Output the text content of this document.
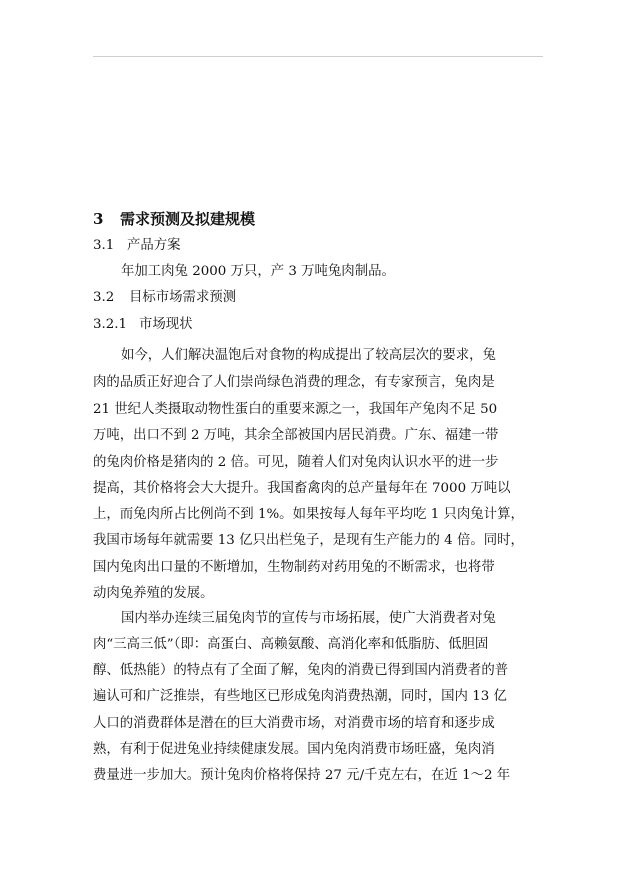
3 需求预测及拟建规模
3.1 产品方案
年加工肉兔 2000 万只，产 3 万吨兔肉制品。
3.2 目标市场需求预测
3.2.1 市场现状
如今，人们解决温饱后对食物的构成提出了较高层次的要求，兔
肉的品质正好迎合了人们崇尚绿色消费的理念，有专家预言，兔肉是
21 世纪人类摄取动物性蛋白的重要来源之一，我国年产兔肉不足 50
万吨，出口不到 2 万吨，其余全部被国内居民消费。广东、福建一带
的兔肉价格是猪肉的 2 倍。可见，随着人们对兔肉认识水平的进一步
提高，其价格将会大大提升。我国畜禽肉的总产量每年在 7000 万吨以
上，而兔肉所占比例尚不到 1%。如果按每人每年平均吃 1 只肉兔计算，
我国市场每年就需要 13 亿只出栏兔子，是现有生产能力的 4 倍。同时，
国内兔肉出口量的不断增加，生物制药对药用兔的不断需求，也将带
动肉兔养殖的发展。
国内举办连续三届兔肉节的宣传与市场拓展，使广大消费者对兔
肉“三高三低”（即：高蛋白、高赖氨酸、高消化率和低脂肪、低胆固
醇、低热能）的特点有了全面了解，兔肉的消费已得到国内消费者的普
遍认可和广泛推崇，有些地区已形成兔肉消费热潮，同时，国内 13 亿
人口的消费群体是潜在的巨大消费市场，对消费市场的培育和逐步成
熟，有利于促进兔业持续健康发展。国内兔肉消费市场旺盛，兔肉消
费量进一步加大。预计兔肉价格将保持 27 元/千克左右，在近 1～2 年
